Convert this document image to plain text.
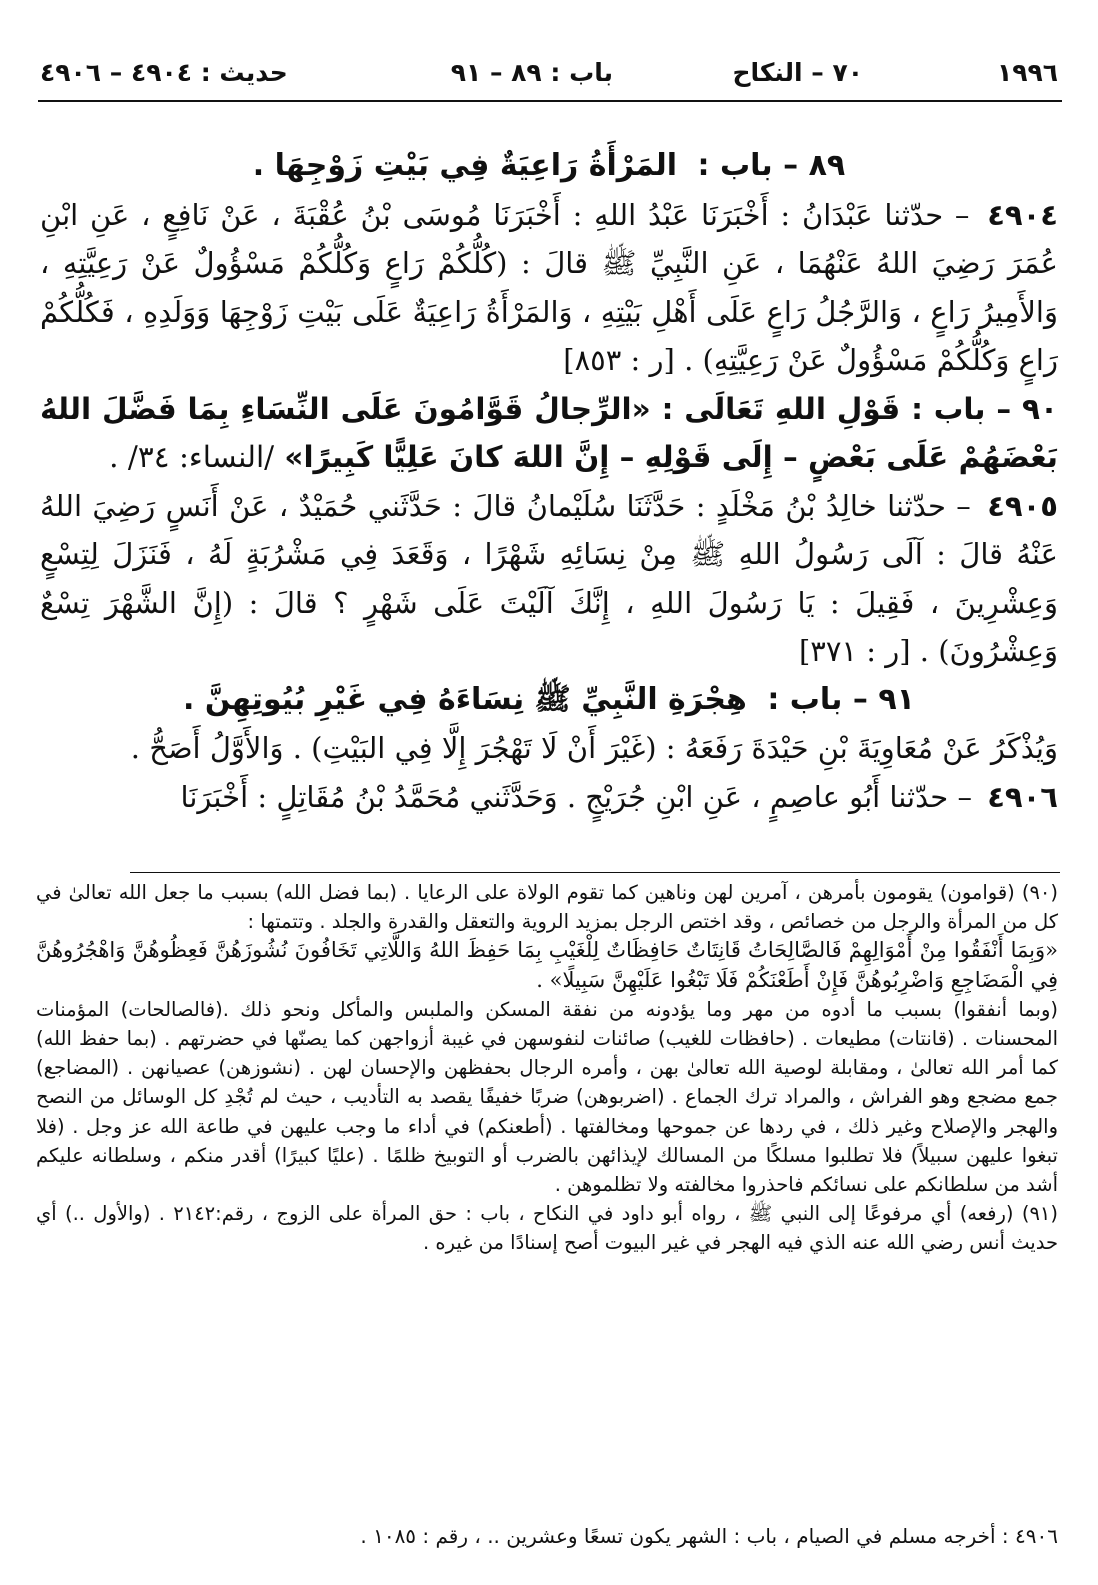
١٩٩٦
٧٠ – النكاح
باب : ٨٩ – ٩١
حديث : ٤٩٠٤ – ٤٩٠٦

٨٩ – باب : المَرْأَةُ رَاعِيَةٌ فِي بَيْتِ زَوْجِهَا .

٤٩٠٤ – حدّثنا عَبْدَانُ : أَخْبَرَنَا عَبْدُ اللهِ : أَخْبَرَنَا مُوسَى بْنُ عُقْبَةَ ، عَنْ نَافِعٍ ، عَنِ ابْنِ عُمَرَ رَضِيَ اللهُ عَنْهُمَا ، عَنِ النَّبِيِّ ﷺ قالَ : (كُلُّكُمْ رَاعٍ وَكُلُّكُمْ مَسْؤُولٌ عَنْ رَعِيَّتِهِ ، وَالأَمِيرُ رَاعٍ ، وَالرَّجُلُ رَاعٍ عَلَى أَهْلِ بَيْتِهِ ، وَالمَرْأَةُ رَاعِيَةٌ عَلَى بَيْتِ زَوْجِهَا وَوَلَدِهِ ، فَكُلُّكُمْ رَاعٍ وَكُلُّكُمْ مَسْؤُولٌ عَنْ رَعِيَّتِهِ) . [ر : ٨٥٣]

٩٠ – باب : قَوْلِ اللهِ تَعَالَى : «الرِّجالُ قَوَّامُونَ عَلَى النِّسَاءِ بِمَا فَضَّلَ اللهُ بَعْضَهُمْ عَلَى بَعْضٍ – إِلَى قَوْلِهِ – إِنَّ اللهَ كانَ عَلِيًّا كَبِيرًا» /النساء: ٣٤/ .

٤٩٠٥ – حدّثنا خالِدُ بْنُ مَخْلَدٍ : حَدَّثَنَا سُلَيْمانُ قالَ : حَدَّثَني حُمَيْدٌ ، عَنْ أَنَسٍ رَضِيَ اللهُ عَنْهُ قالَ : آلَى رَسُولُ اللهِ ﷺ مِنْ نِسَائِهِ شَهْرًا ، وَقَعَدَ فِي مَشْرُبَةٍ لَهُ ، فَنَزَلَ لِتِسْعٍ وَعِشْرِينَ ، فَقِيلَ : يَا رَسُولَ اللهِ ، إِنَّكَ آلَيْتَ عَلَى شَهْرٍ ؟ قالَ : (إِنَّ الشَّهْرَ تِسْعٌ وَعِشْرُونَ) . [ر : ٣٧١]

٩١ – باب : هِجْرَةِ النَّبِيِّ ﷺ نِسَاءَهُ فِي غَيْرِ بُيُوتِهِنَّ .

وَيُذْكَرُ عَنْ مُعَاوِيَةَ بْنِ حَيْدَةَ رَفَعَهُ : (غَيْرَ أَنْ لَا تَهْجُرَ إِلَّا فِي البَيْتِ) . وَالأَوَّلُ أَصَحُّ .

٤٩٠٦ – حدّثنا أَبُو عاصِمٍ ، عَنِ ابْنِ جُرَيْجٍ . وَحَدَّثَني مُحَمَّدُ بْنُ مُقَاتِلٍ : أَخْبَرَنَا

(٩٠) (قوامون) يقومون بأمرهن ، آمرين لهن وناهين كما تقوم الولاة على الرعايا . (بما فضل الله) بسبب ما جعل الله تعالىٰ في كل من المرأة والرجل من خصائص ، وقد اختص الرجل بمزيد الروية والتعقل والقدرة والجلد . وتتمتها :

«وَبِمَا أَنْفَقُوا مِنْ أَمْوَالِهِمْ فَالصَّالِحَاتُ قَانِتَاتٌ حَافِظَاتٌ لِلْغَيْبِ بِمَا حَفِظَ اللهُ وَاللَّاتِي تَخَافُونَ نُشُوزَهُنَّ فَعِظُوهُنَّ وَاهْجُرُوهُنَّ فِي الْمَضَاجِعِ وَاضْرِبُوهُنَّ فَإِنْ أَطَعْنَكُمْ فَلَا تَبْغُوا عَلَيْهِنَّ سَبِيلًا» .

(وبما أنفقوا) بسبب ما أدوه من مهر وما يؤدونه من نفقة المسكن والملبس والمأكل ونحو ذلك .(فالصالحات) المؤمنات المحسنات . (قانتات) مطيعات . (حافظات للغيب) صائنات لنفوسهن في غيبة أزواجهن كما يصنّها في حضرتهم . (بما حفظ الله) كما أمر الله تعالىٰ ، ومقابلة لوصية الله تعالىٰ بهن ، وأمره الرجال بحفظهن والإحسان لهن . (نشوزهن) عصيانهن . (المضاجع) جمع مضجع وهو الفراش ، والمراد ترك الجماع . (اضربوهن) ضربًا خفيفًا يقصد به التأديب ، حيث لم تُجْدِ كل الوسائل من النصح والهجر والإصلاح وغير ذلك ، في ردها عن جموحها ومخالفتها . (أطعنكم) في أداء ما وجب عليهن في طاعة الله عز وجل . (فلا تبغوا عليهن سبيلاً) فلا تطلبوا مسلكًا من المسالك لإيذائهن بالضرب أو التوبيخ ظلمًا . (عليًا كبيرًا) أقدر منكم ، وسلطانه عليكم أشد من سلطانكم على نسائكم فاحذروا مخالفته ولا تظلموهن .

(٩١) (رفعه) أي مرفوعًا إلى النبي ﷺ ، رواه أبو داود في النكاح ، باب : حق المرأة على الزوج ، رقم:٢١٤٢ . (والأول ..) أي حديث أنس رضي الله عنه الذي فيه الهجر في غير البيوت أصح إسنادًا من غيره .

٤٩٠٦ : أخرجه مسلم في الصيام ، باب : الشهر يكون تسعًا وعشرين .. ، رقم : ١٠٨٥ .
